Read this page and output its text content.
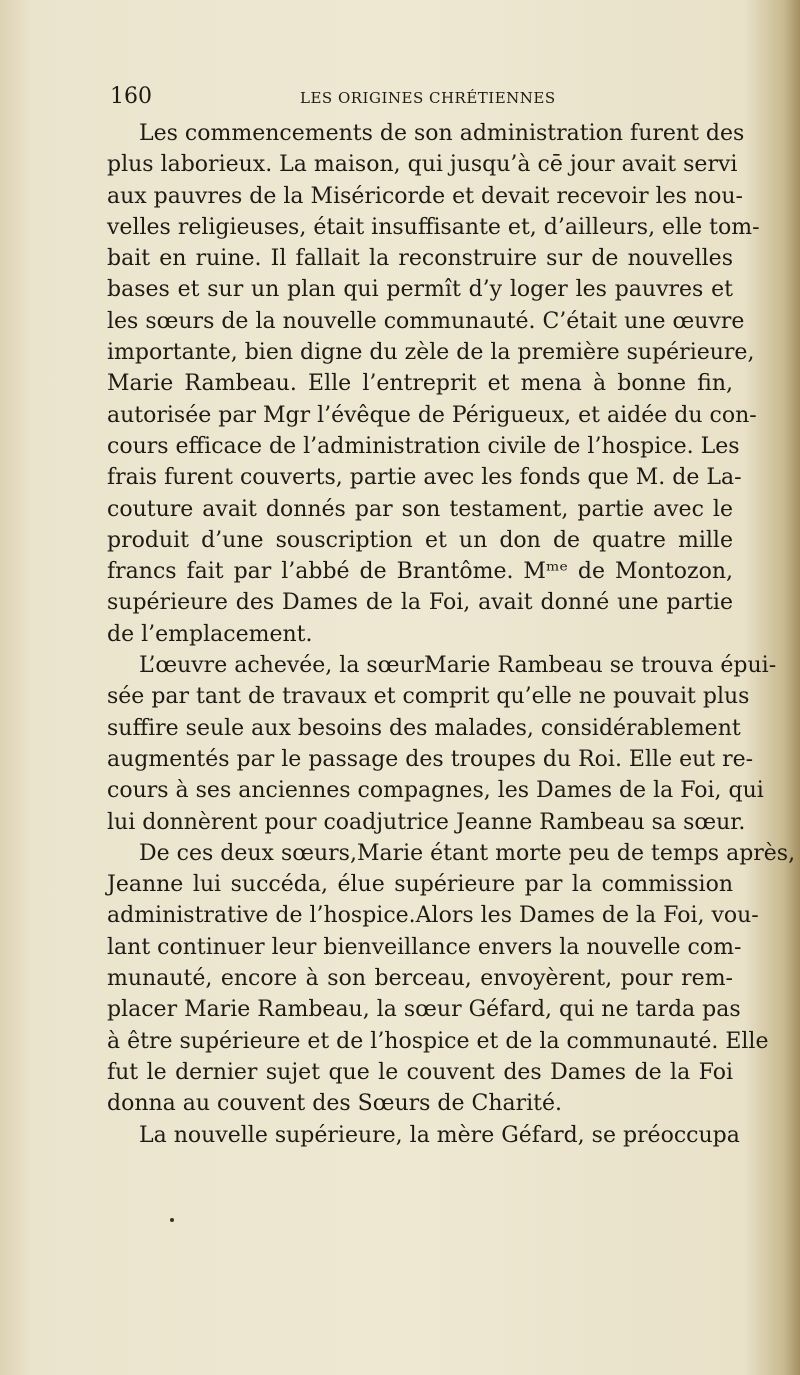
160	LES ORIGINES CHRÉTIENNES
Les commencements de son administration furent des
plus laborieux. La maison, qui jusqu’à cē jour avait servi
aux pauvres de la Miséricorde et devait recevoir les nou-
velles religieuses, était insuffisante et, d’ailleurs, elle tom-
bait en ruine. Il fallait la reconstruire sur de nouvelles
bases et sur un plan qui permît d’y loger les pauvres et
les sœurs de la nouvelle communauté. C’était une œuvre
importante, bien digne du zèle de la première supérieure,
Marie Rambeau. Elle l’entreprit et mena à bonne fin,
autorisée par Mgr l’évêque de Périgueux, et aidée du con-
cours efficace de l’administration civile de l’hospice. Les
frais furent couverts, partie avec les fonds que M. de La-
couture avait donnés par son testament, partie avec le
produit d’une souscription et un don de quatre mille
francs fait par l’abbé de Brantôme. Mᵐᵉ de Montozon,
supérieure des Dames de la Foi, avait donné une partie
de l’emplacement.
L’œuvre achevée, la sœurMarie Rambeau se trouva épui-
sée par tant de travaux et comprit qu’elle ne pouvait plus
suffire seule aux besoins des malades, considérablement
augmentés par le passage des troupes du Roi. Elle eut re-
cours à ses anciennes compagnes, les Dames de la Foi, qui
lui donnèrent pour coadjutrice Jeanne Rambeau sa sœur.
De ces deux sœurs,Marie étant morte peu de temps après,
Jeanne lui succéda, élue supérieure par la commission
administrative de l’hospice.Alors les Dames de la Foi, vou-
lant continuer leur bienveillance envers la nouvelle com-
munauté, encore à son berceau, envoyèrent, pour rem-
placer Marie Rambeau, la sœur Géfard, qui ne tarda pas
à être supérieure et de l’hospice et de la communauté. Elle
fut le dernier sujet que le couvent des Dames de la Foi
donna au couvent des Sœurs de Charité.
La nouvelle supérieure, la mère Géfard, se préoccupa
